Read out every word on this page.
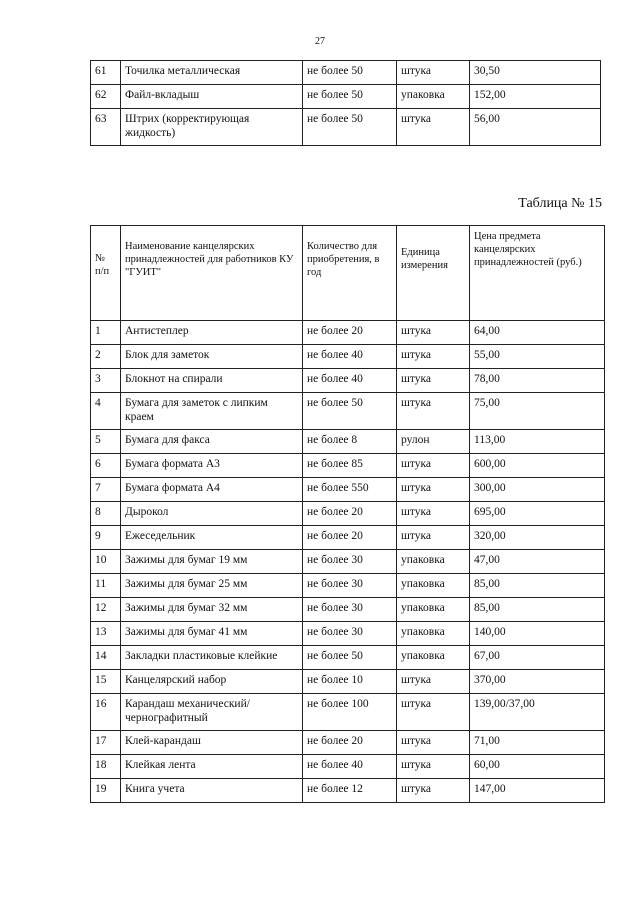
27
61	Точилка металлическая	не более 50	штука	30,50
62	Файл-вкладыш	не более 50	упаковка	152,00
63	Штрих (корректирующая жидкость)	не более 50	штука	56,00
Таблица № 15
№ п/п	Наименование канцелярских принадлежностей для работников КУ "ГУИТ"	Количество для приобретения, в год	Единица измерения	Цена предмета канцелярских принадлежностей (руб.)
1	Антистеплер	не более 20	штука	64,00
2	Блок для заметок	не более 40	штука	55,00
3	Блокнот на спирали	не более 40	штука	78,00
4	Бумага для заметок с липким краем	не более 50	штука	75,00
5	Бумага для факса	не более 8	рулон	113,00
6	Бумага формата А3	не более 85	штука	600,00
7	Бумага формата А4	не более 550	штука	300,00
8	Дырокол	не более 20	штука	695,00
9	Ежеседельник	не более 20	штука	320,00
10	Зажимы для бумаг 19 мм	не более 30	упаковка	47,00
11	Зажимы для бумаг 25 мм	не более 30	упаковка	85,00
12	Зажимы для бумаг 32 мм	не более 30	упаковка	85,00
13	Зажимы для бумаг 41 мм	не более 30	упаковка	140,00
14	Закладки пластиковые клейкие	не более 50	упаковка	67,00
15	Канцелярский набор	не более 10	штука	370,00
16	Карандаш механический/чернографитный	не более 100	штука	139,00/37,00
17	Клей-карандаш	не более 20	штука	71,00
18	Клейкая лента	не более 40	штука	60,00
19	Книга учета	не более 12	штука	147,00
